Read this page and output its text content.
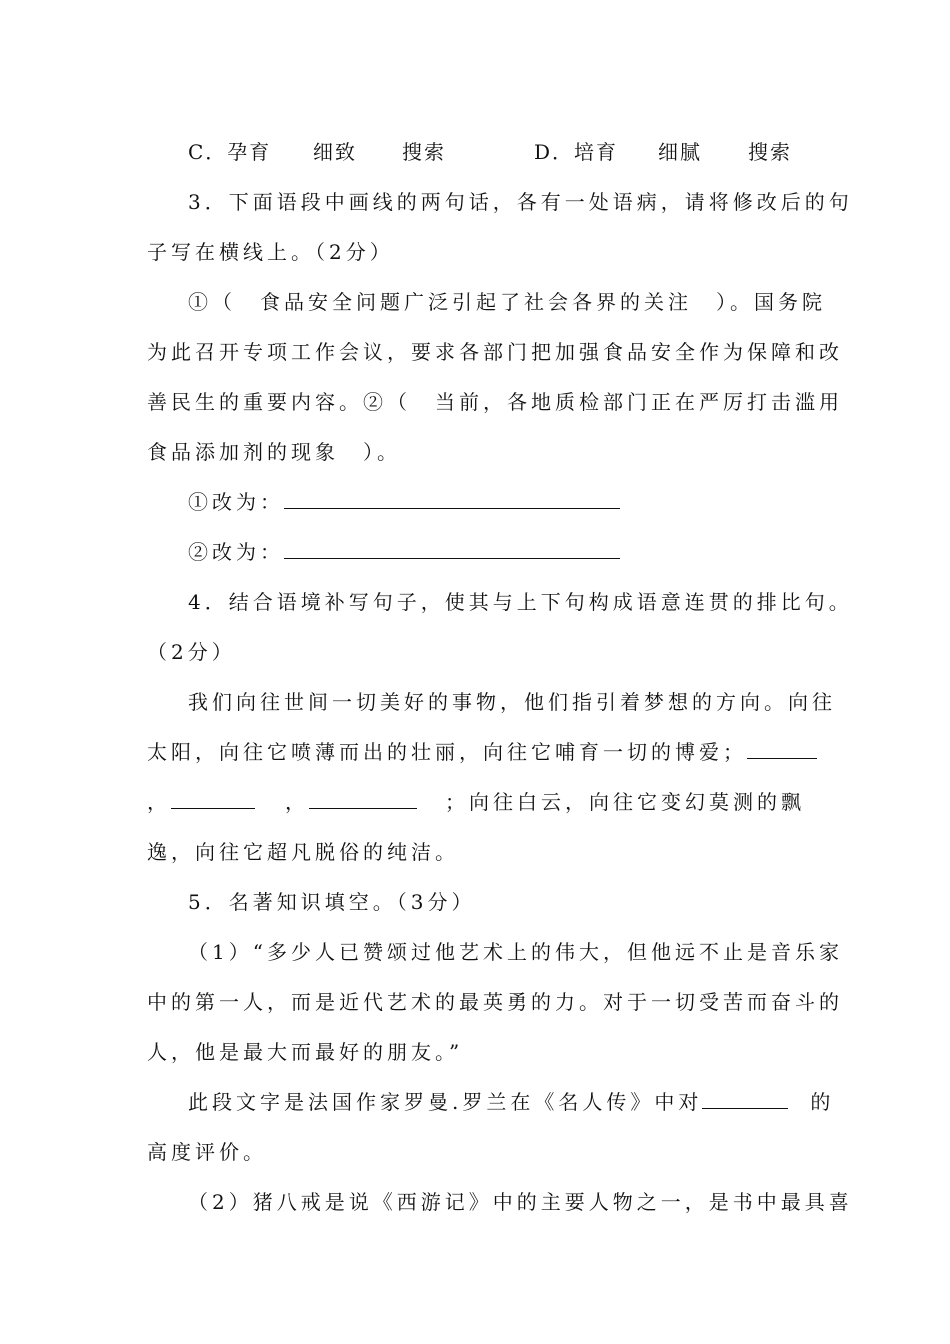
C．孕育 细致 搜索	D．培育 细腻 搜索
3．下面语段中画线的两句话，各有一处语病，请将修改后的句
子写在横线上。（2分）
①（　食品安全问题广泛引起了社会各界的关注　）。国务院
为此召开专项工作会议，要求各部门把加强食品安全作为保障和改
善民生的重要内容。②（　当前，各地质检部门正在严厉打击滥用
食品添加剂的现象　）。
①改为：
②改为：
4．结合语境补写句子，使其与上下句构成语意连贯的排比句。
（2分）
我们向往世间一切美好的事物，他们指引着梦想的方向。向往
太阳，向往它喷薄而出的壮丽，向往它哺育一切的博爱；
，	，	；向往白云，向往它变幻莫测的飘
逸，向往它超凡脱俗的纯洁。
5．名著知识填空。（3分）
（1）“多少人已赞颂过他艺术上的伟大，但他远不止是音乐家
中的第一人，而是近代艺术的最英勇的力。对于一切受苦而奋斗的
人，他是最大而最好的朋友。”
此段文字是法国作家罗曼.罗兰在《名人传》中对	的
高度评价。
（2）猪八戒是说《西游记》中的主要人物之一，是书中最具喜
